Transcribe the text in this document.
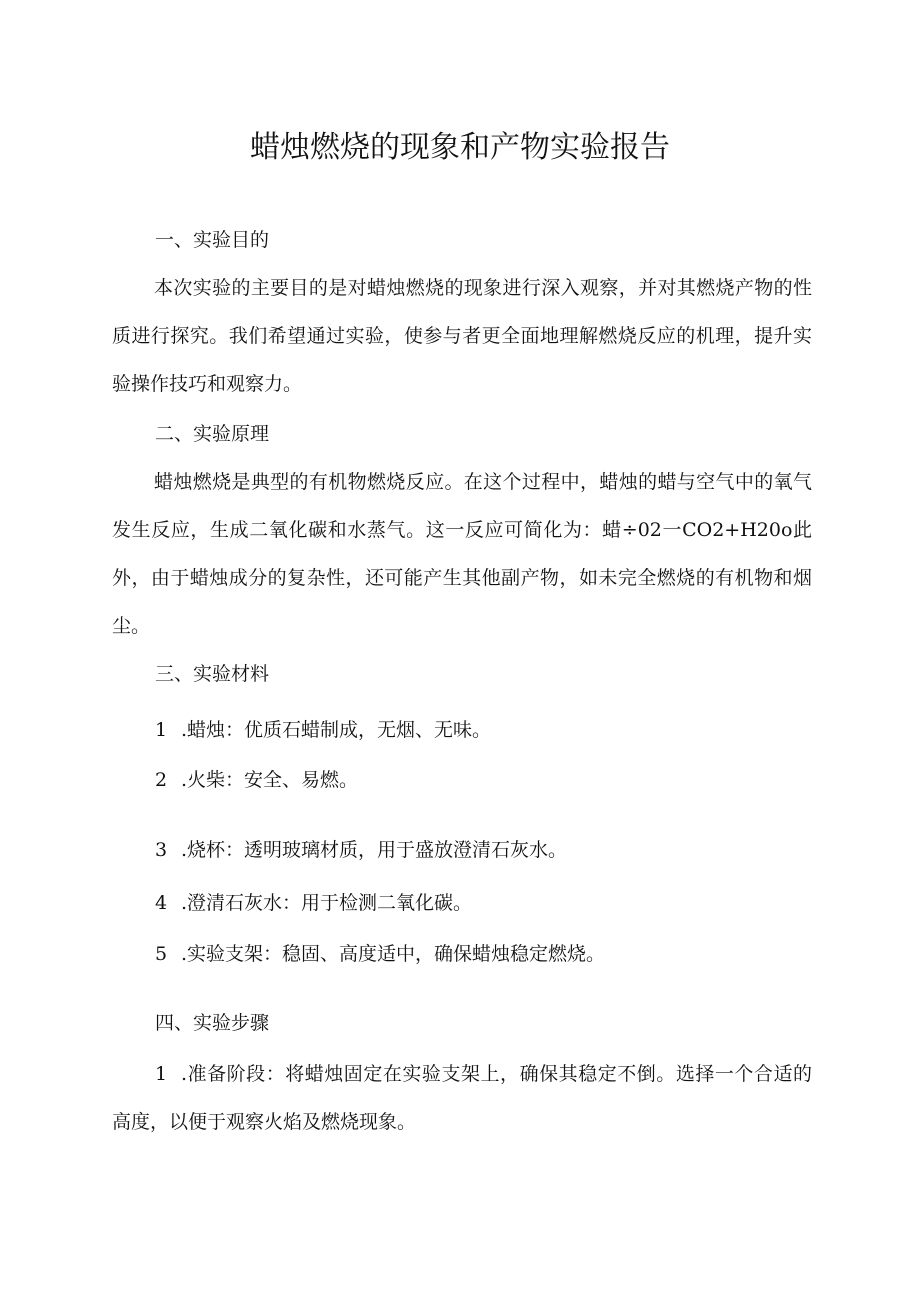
蜡烛燃烧的现象和产物实验报告
一、实验目的
本次实验的主要目的是对蜡烛燃烧的现象进行深入观察，并对其燃烧产物的性质进行探究。我们希望通过实验，使参与者更全面地理解燃烧反应的机理，提升实验操作技巧和观察力。
二、实验原理
蜡烛燃烧是典型的有机物燃烧反应。在这个过程中，蜡烛的蜡与空气中的氧气发生反应，生成二氧化碳和水蒸气。这一反应可简化为：蜡÷02一CO2+H20o此外，由于蜡烛成分的复杂性，还可能产生其他副产物，如未完全燃烧的有机物和烟尘。
三、实验材料
1 .蜡烛：优质石蜡制成，无烟、无味。
2 .火柴：安全、易燃。
3 .烧杯：透明玻璃材质，用于盛放澄清石灰水。
4 .澄清石灰水：用于检测二氧化碳。
5 .实验支架：稳固、高度适中，确保蜡烛稳定燃烧。
四、实验步骤
1 .准备阶段：将蜡烛固定在实验支架上，确保其稳定不倒。选择一个合适的高度，以便于观察火焰及燃烧现象。
